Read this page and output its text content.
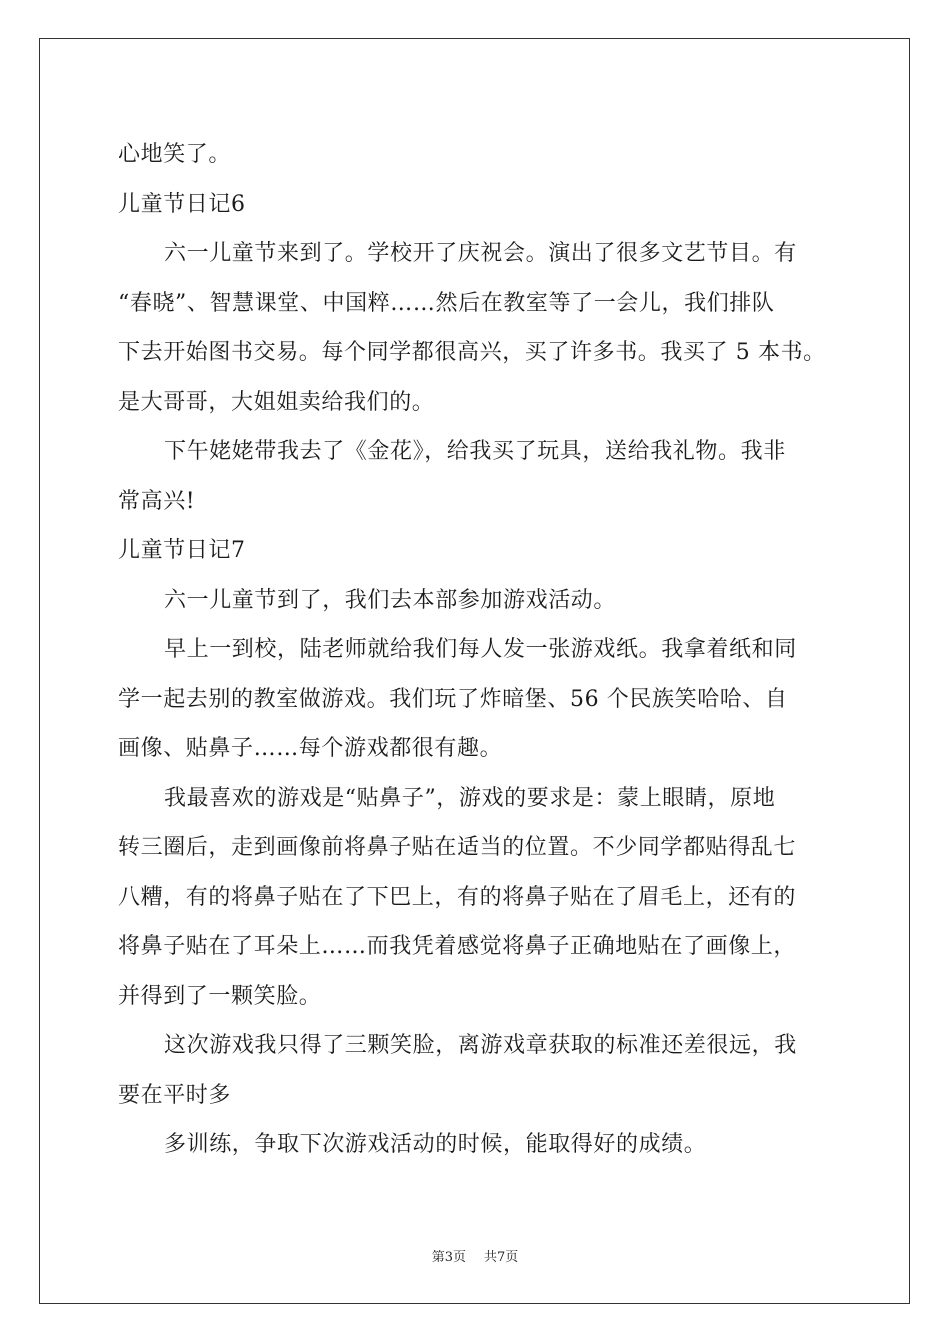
心地笑了。
儿童节日记6
六一儿童节来到了。学校开了庆祝会。演出了很多文艺节目。有
“春晓”、智慧课堂、中国粹……然后在教室等了一会儿，我们排队
下去开始图书交易。每个同学都很高兴，买了许多书。我买了 5 本书。
是大哥哥，大姐姐卖给我们的。
下午姥姥带我去了《金花》，给我买了玩具，送给我礼物。我非
常高兴!
儿童节日记7
六一儿童节到了，我们去本部参加游戏活动。
早上一到校，陆老师就给我们每人发一张游戏纸。我拿着纸和同
学一起去别的教室做游戏。我们玩了炸暗堡、56 个民族笑哈哈、自
画像、贴鼻子……每个游戏都很有趣。
我最喜欢的游戏是“贴鼻子”，游戏的要求是：蒙上眼睛，原地
转三圈后，走到画像前将鼻子贴在适当的位置。不少同学都贴得乱七
八糟，有的将鼻子贴在了下巴上，有的将鼻子贴在了眉毛上，还有的
将鼻子贴在了耳朵上……而我凭着感觉将鼻子正确地贴在了画像上，
并得到了一颗笑脸。
这次游戏我只得了三颗笑脸，离游戏章获取的标准还差很远，我
要在平时多
多训练，争取下次游戏活动的时候，能取得好的成绩。
第3页 共7页
